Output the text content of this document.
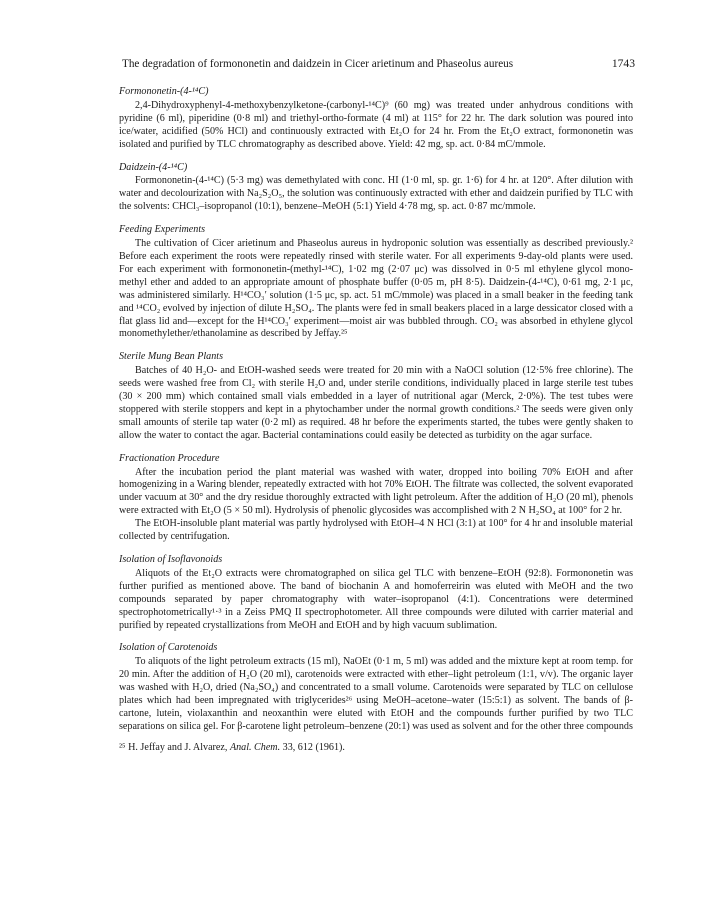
The degradation of formononetin and daidzein in Cicer arietinum and Phaseolus aureus	1743
Formononetin-(4-¹⁴C)

2,4-Dihydroxyphenyl-4-methoxybenzylketone-(carbonyl-¹⁴C)⁹ (60 mg) was treated under anhydrous conditions with pyridine (6 ml), piperidine (0·8 ml) and triethyl-ortho-formate (4 ml) at 115° for 22 hr. The dark solution was poured into ice/water, acidified (50% HCl) and continuously extracted with Et₂O for 24 hr. From the Et₂O extract, formononetin was isolated and purified by TLC chromatography as described above. Yield: 42 mg, sp. act. 0·84 mC/mmole.

Daidzein-(4-¹⁴C)

Formononetin-(4-¹⁴C) (5·3 mg) was demethylated with conc. HI (1·0 ml, sp. gr. 1·6) for 4 hr. at 120°. After dilution with water and decolourization with Na₂S₂O₅, the solution was continuously extracted with ether and daidzein purified by TLC with the solvents: CHCl₃–isopropanol (10:1), benzene–MeOH (5:1) Yield 4·78 mg, sp. act. 0·87 mc/mmole.

Feeding Experiments

The cultivation of Cicer arietinum and Phaseolus aureus in hydroponic solution was essentially as described previously.² Before each experiment the roots were repeatedly rinsed with sterile water. For all experiments 9-day-old plants were used. For each experiment with formononetin-(methyl-¹⁴C), 1·02 mg (2·07 μc) was dissolved in 0·5 ml ethylene glycol mono-methyl ether and added to an appropriate amount of phosphate buffer (0·05 m, pH 8·5). Daidzein-(4-¹⁴C), 0·61 mg, 2·1 μc, was administered similarly. H¹⁴CO₃′ solution (1·5 μc, sp. act. 51 mC/mmole) was placed in a small beaker in the feeding tank and ¹⁴CO₂ evolved by injection of dilute H₂SO₄. The plants were fed in small beakers placed in a large dessicator closed with a flat glass lid and—except for the H¹⁴CO₃′ experiment—moist air was bubbled through. CO₂ was absorbed in ethylene glycol monomethylether/ethanolamine as described by Jeffay.²⁵

Sterile Mung Bean Plants

Batches of 40 H₂O- and EtOH-washed seeds were treated for 20 min with a NaOCl solution (12·5% free chlorine). The seeds were washed free from Cl₂ with sterile H₂O and, under sterile conditions, individually placed in large sterile test tubes (30 × 200 mm) which contained small vials embedded in a layer of nutritional agar (Merck, 2·0%). The test tubes were stoppered with sterile stoppers and kept in a phytochamber under the normal growth conditions.² The seeds were given only small amounts of sterile tap water (0·2 ml) as required. 48 hr before the experiments started, the tubes were gently shaken to allow the water to contact the agar. Bacterial contaminations could easily be detected as turbidity on the agar surface.

Fractionation Procedure

After the incubation period the plant material was washed with water, dropped into boiling 70% EtOH and after homogenizing in a Waring blender, repeatedly extracted with hot 70% EtOH. The filtrate was collected, the solvent evaporated under vacuum at 30° and the dry residue thoroughly extracted with light petroleum. After the addition of H₂O (20 ml), phenols were extracted with Et₂O (5 × 50 ml). Hydrolysis of phenolic glycosides was accomplished with 2 N H₂SO₄ at 100° for 2 hr.

The EtOH-insoluble plant material was partly hydrolysed with EtOH–4 N HCl (3:1) at 100° for 4 hr and insoluble material collected by centrifugation.

Isolation of Isoflavonoids

Aliquots of the Et₂O extracts were chromatographed on silica gel TLC with benzene–EtOH (92:8). Formononetin was further purified as mentioned above. The band of biochanin A and homoferreirin was eluted with MeOH and the two compounds separated by paper chromatography with water–isopropanol (4:1). Concentrations were determined spectrophotometrically¹·³ in a Zeiss PMQ II spectrophotometer. All three compounds were diluted with carrier material and purified by repeated crystallizations from MeOH and EtOH and by high vacuum sublimation.

Isolation of Carotenoids

To aliquots of the light petroleum extracts (15 ml), NaOEt (0·1 m, 5 ml) was added and the mixture kept at room temp. for 20 min. After the addition of H₂O (20 ml), carotenoids were extracted with ether–light petroleum (1:1, v/v). The organic layer was washed with H₂O, dried (Na₂SO₄) and concentrated to a small volume. Carotenoids were separated by TLC on cellulose plates which had been impregnated with triglycerides²⁶ using MeOH–acetone–water (15:5:1) as solvent. The bands of β-cartone, lutein, violaxanthin and neoxanthin were eluted with EtOH and the compounds further purified by two TLC separations on silica gel. For β-carotene light petroleum–benzene (20:1) was used as solvent and for the other three compounds

²⁵ H. Jeffay and J. Alvarez, Anal. Chem. 33, 612 (1961).
